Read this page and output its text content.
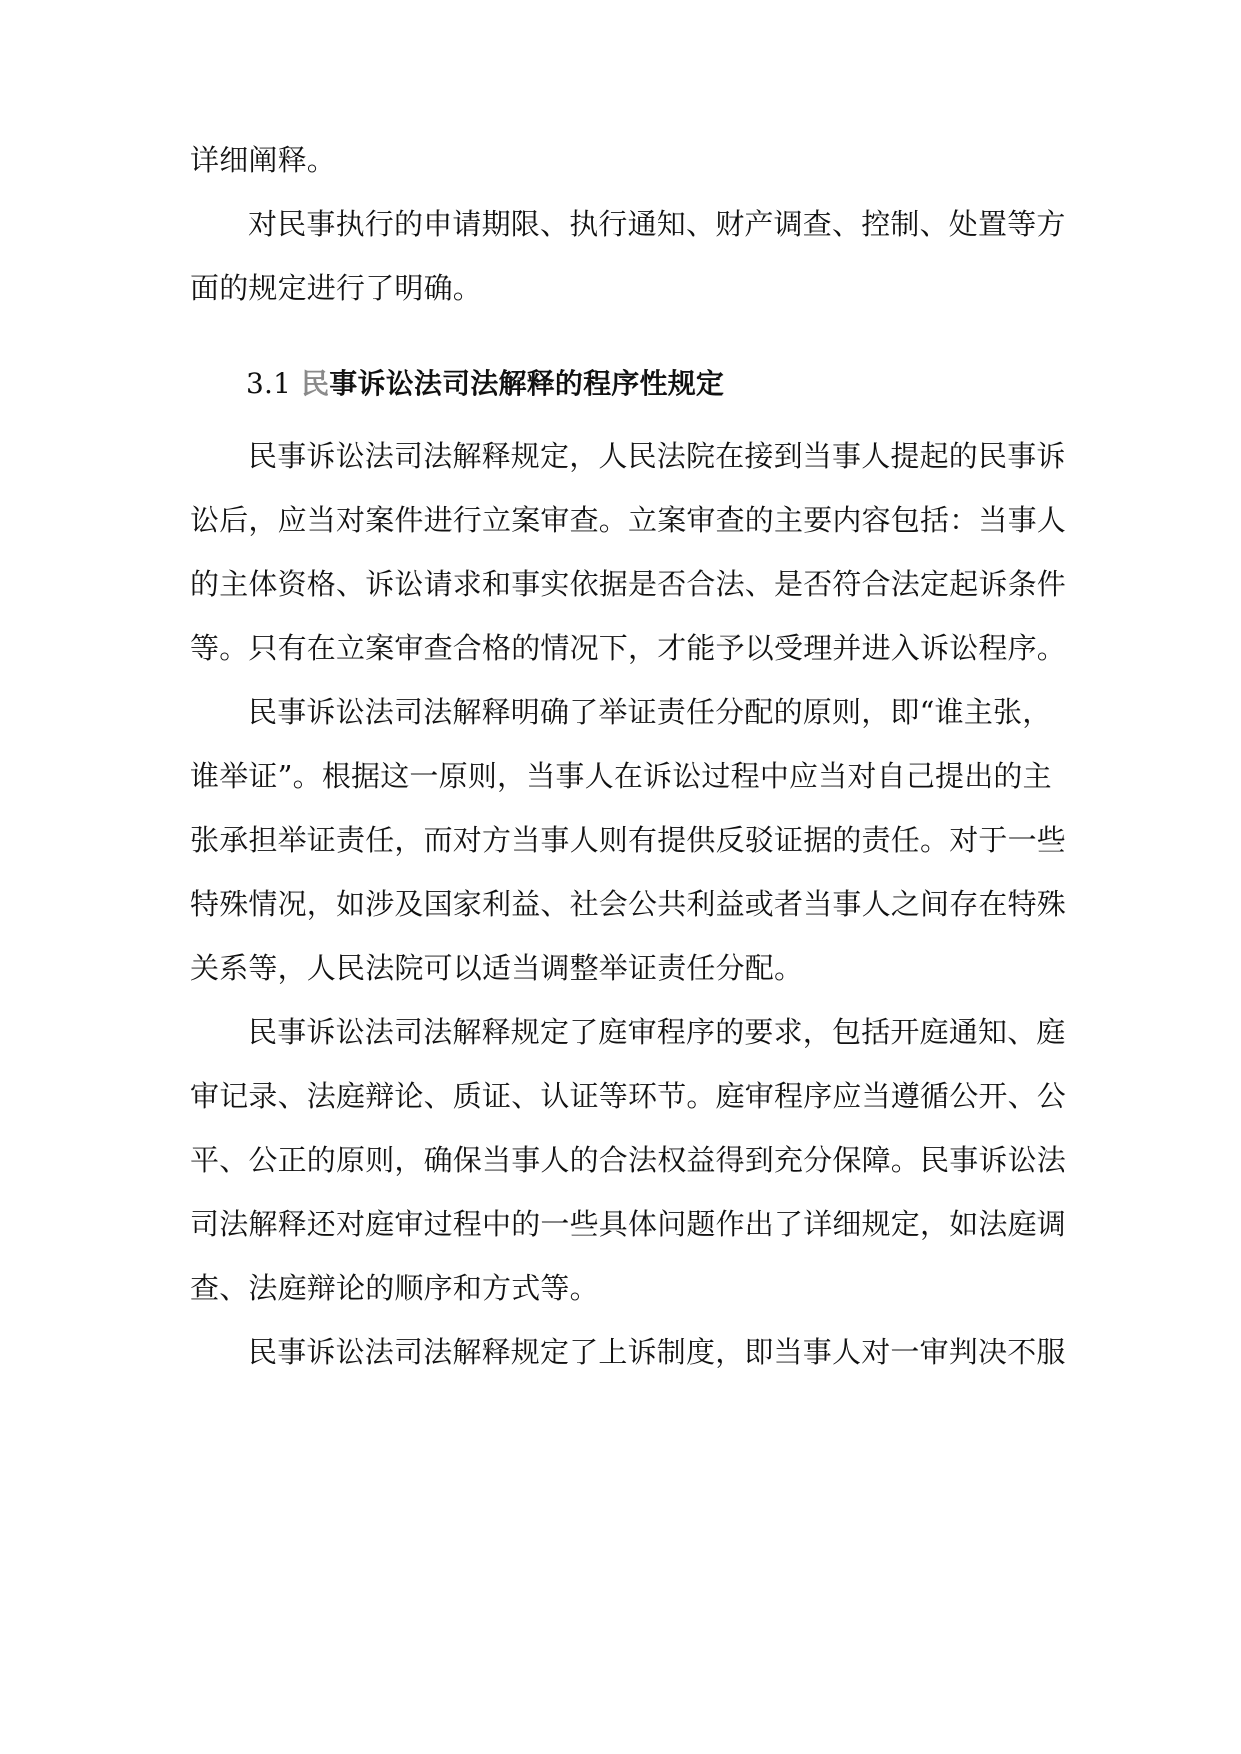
详细阐释。

对民事执行的申请期限、执行通知、财产调查、控制、处置等方

面的规定进行了明确。

3.1 民事诉讼法司法解释的程序性规定

民事诉讼法司法解释规定，人民法院在接到当事人提起的民事诉

讼后，应当对案件进行立案审查。立案审查的主要内容包括：当事人

的主体资格、诉讼请求和事实依据是否合法、是否符合法定起诉条件

等。只有在立案审查合格的情况下，才能予以受理并进入诉讼程序。

民事诉讼法司法解释明确了举证责任分配的原则，即“谁主张，

谁举证”。根据这一原则，当事人在诉讼过程中应当对自己提出的主

张承担举证责任，而对方当事人则有提供反驳证据的责任。对于一些

特殊情况，如涉及国家利益、社会公共利益或者当事人之间存在特殊

关系等，人民法院可以适当调整举证责任分配。

民事诉讼法司法解释规定了庭审程序的要求，包括开庭通知、庭

审记录、法庭辩论、质证、认证等环节。庭审程序应当遵循公开、公

平、公正的原则，确保当事人的合法权益得到充分保障。民事诉讼法

司法解释还对庭审过程中的一些具体问题作出了详细规定，如法庭调

查、法庭辩论的顺序和方式等。

民事诉讼法司法解释规定了上诉制度，即当事人对一审判决不服
